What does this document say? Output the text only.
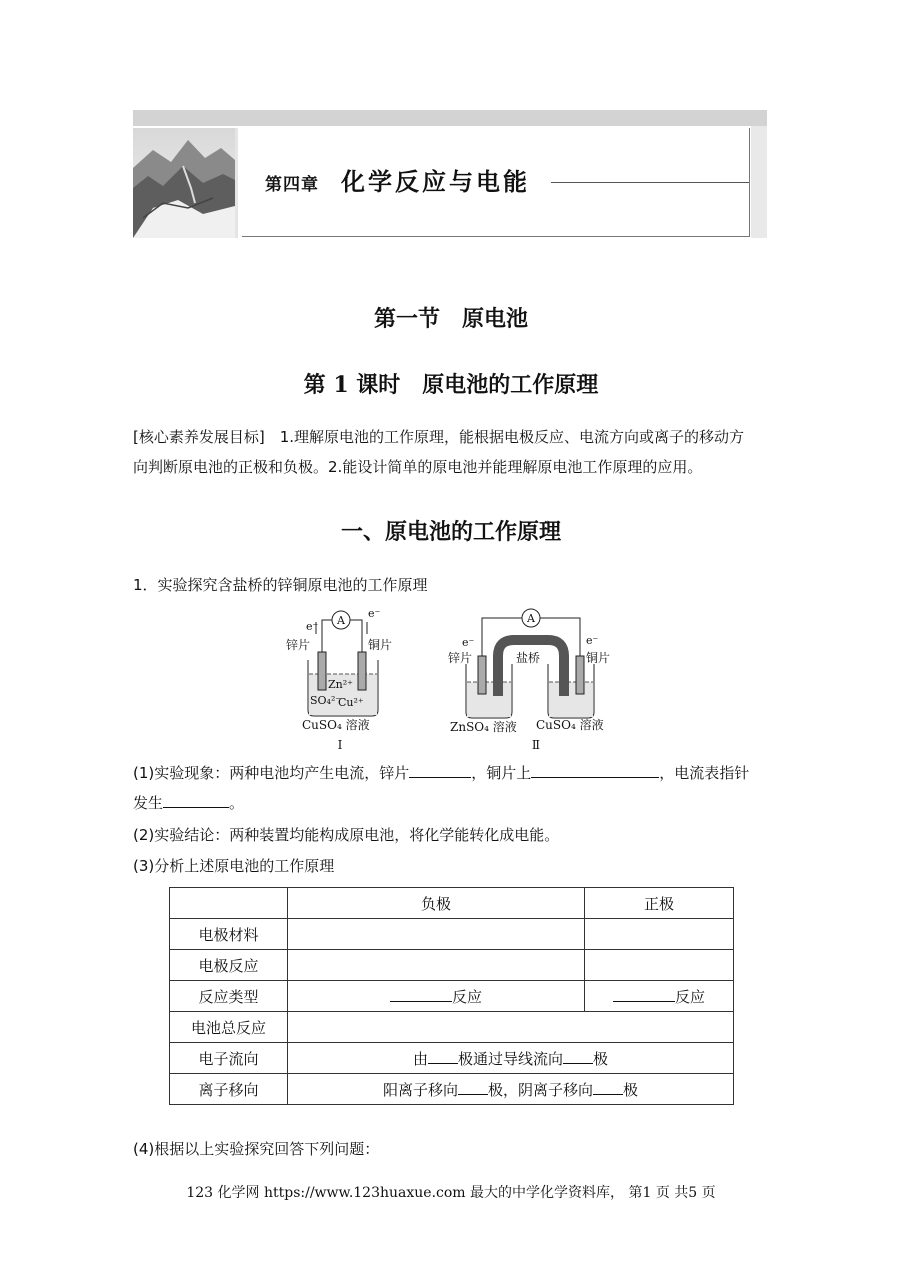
第四章 化学反应与电能
第一节　原电池
第 1 课时　原电池的工作原理
[核心素养发展目标]　1.理解原电池的工作原理，能根据电极反应、电流方向或离子的移动方
向判断原电池的正极和负极。2.能设计简单的原电池并能理解原电池工作原理的应用。
一、原电池的工作原理
1．实验探究含盐桥的锌铜原电池的工作原理
A
e⁻
e⁻
锌片	铜片
Zn²⁺
SO₄²⁻
Cu²⁺
CuSO₄ 溶液
Ⅰ
A
e⁻	e⁻
锌片	盐桥	铜片
ZnSO₄ 溶液 CuSO₄ 溶液
Ⅱ
(1)实验现象：两种电池均产生电流，锌片	，铜片上	，电流表指针
发生	。
(2)实验结论：两种装置均能构成原电池，将化学能转化成电能。
(3)分析上述原电池的工作原理
	负极	正极
电极材料		
电极反应		
反应类型	反应	反应
电池总反应		
电子流向	由 极通过导线流向 极	
离子移向	阳离子移向 极，阴离子移向 极	
(4)根据以上实验探究回答下列问题：
123 化学网 https://www.123huaxue.com 最大的中学化学资料库， 第1 页 共5 页
